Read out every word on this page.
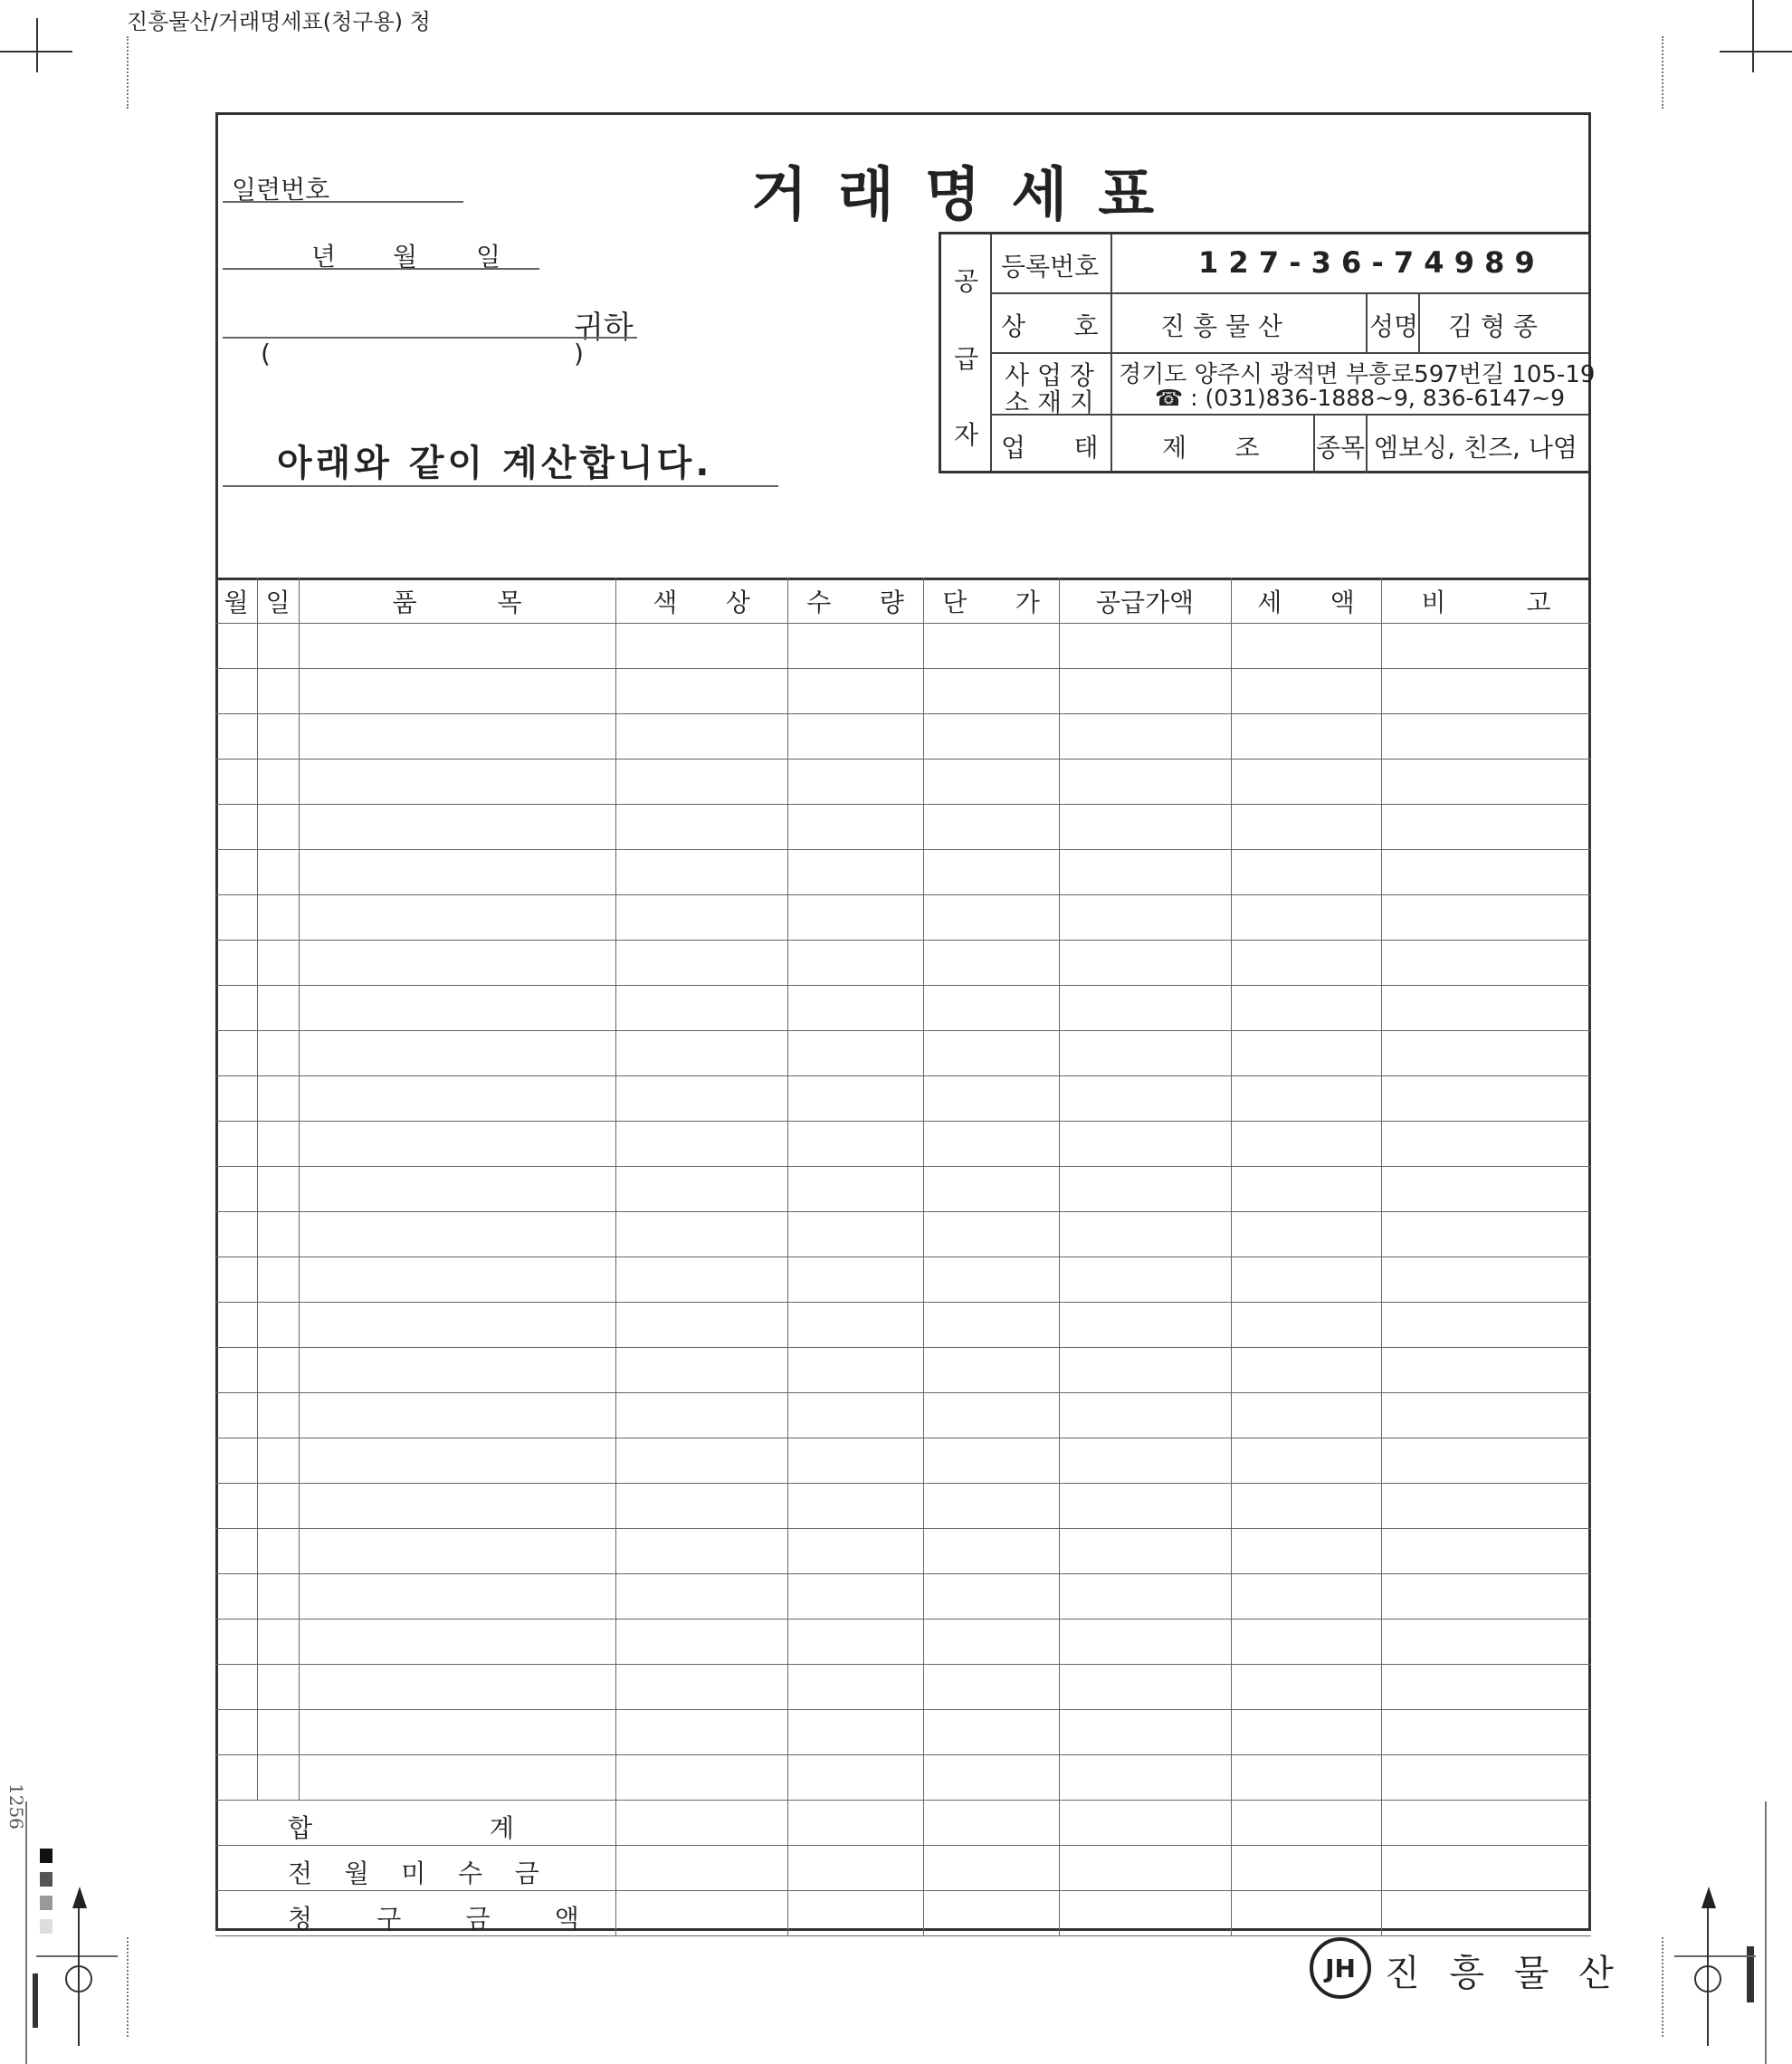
진흥물산/거래명세표(청구용) 청
1256
거래명세표
일련번호
년 월 일
귀하
(	)
아래와 같이 계산합니다.
공
급
자
등록번호	1 2 7 - 3 6 - 7 4 9 8 9
상      호 진 흥 물 산	성명 김 형 종
사 업 장
소 재 지
경기도 양주시 광적면 부흥로597번길 105-19
☎ : (031)836-1888~9, 836-6147~9
업      태	제      조 종목 엠보싱, 친즈, 나염
월 일	품          목	색      상	수      량	단      가	공급가액	세      액	비          고
합                      계
전    월    미    수    금
청        구        금        액
JH 진 흥 물 산
